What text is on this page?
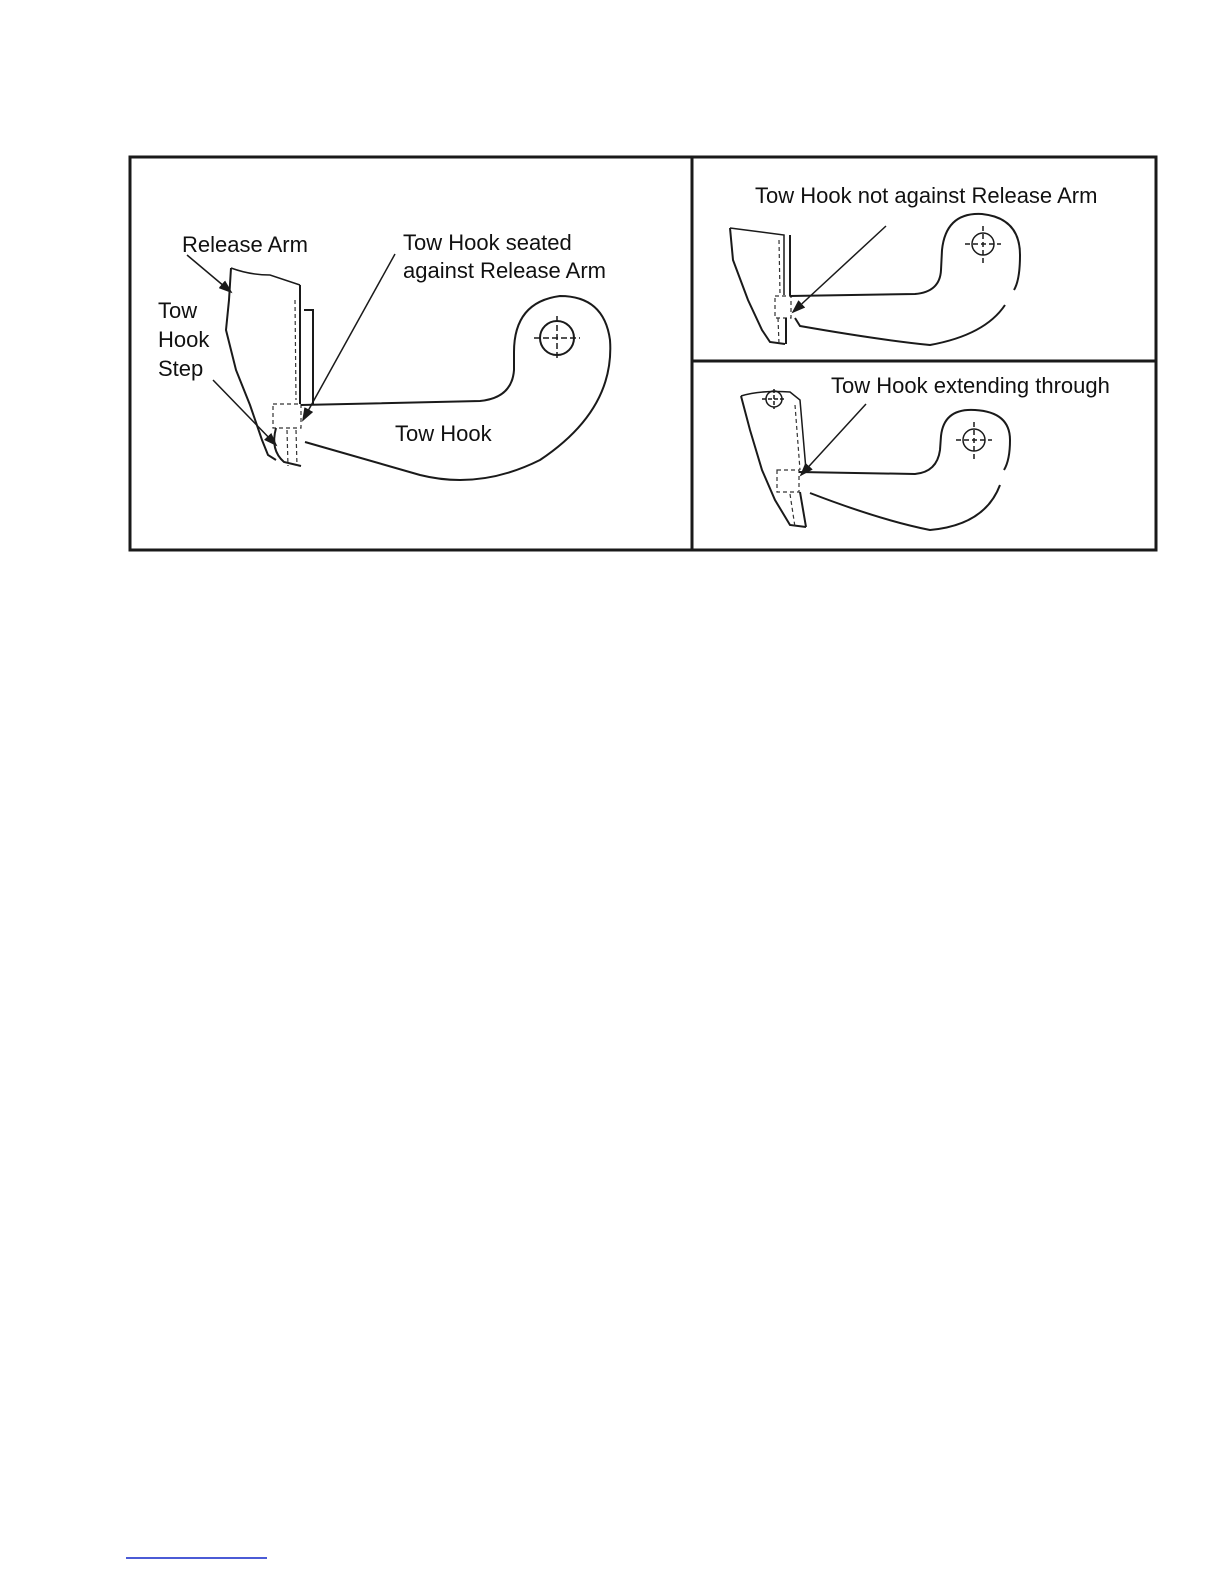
Release Arm
Tow
Hook
Step
Tow Hook seated
against Release Arm
Tow Hook
Tow Hook not against Release Arm
Tow Hook extending through
